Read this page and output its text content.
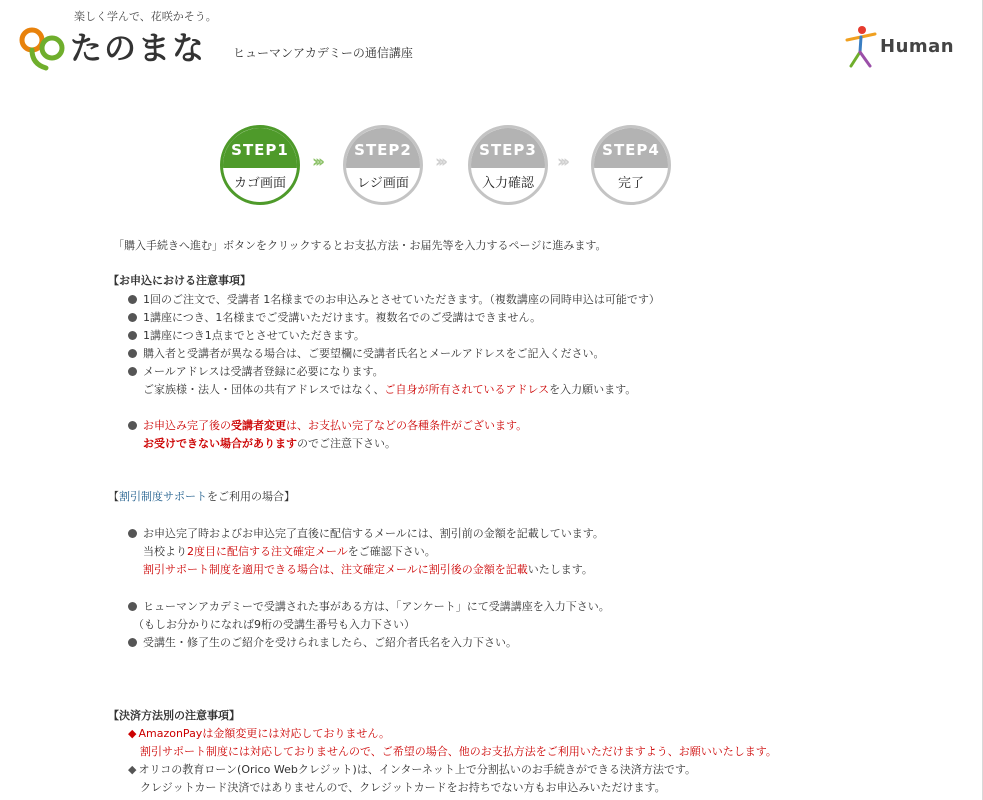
楽しく学んで、花咲かそう。
たのまな ヒューマンアカデミーの通信講座	Human
STEP1
カゴ画面
›››
STEP2
レジ画面
›››
STEP3
入力確認
›››
STEP4
完了
「購入手続きへ進む」ボタンをクリックするとお支払方法・お届先等を入力するページに進みます。
【お申込における注意事項】
1回のご注文で、受講者 1名様までのお申込みとさせていただきます。（複数講座の同時申込は可能です）
1講座につき、1名様までご受講いただけます。複数名でのご受講はできません。
1講座につき1点までとさせていただきます。
購入者と受講者が異なる場合は、ご要望欄に受講者氏名とメールアドレスをご記入ください。
メールアドレスは受講者登録に必要になります。
ご家族様・法人・団体の共有アドレスではなく、ご自身が所有されているアドレスを入力願います。
お申込み完了後の受講者変更は、お支払い完了などの各種条件がございます。
お受けできない場合がありますのでご注意下さい。
【割引制度サポートをご利用の場合】
お申込完了時およびお申込完了直後に配信するメールには、割引前の金額を記載しています。
当校より2度目に配信する注文確定メールをご確認下さい。
割引サポート制度を適用できる場合は、注文確定メールに割引後の金額を記載いたします。
ヒューマンアカデミーで受講された事がある方は、「アンケート」にて受講講座を入力下さい。
（もしお分かりになれば9桁の受講生番号も入力下さい）
受講生・修了生のご紹介を受けられましたら、ご紹介者氏名を入力下さい。
【決済方法別の注意事項】
◆ AmazonPayは金額変更には対応しておりません。
割引サポート制度には対応しておりませんので、ご希望の場合、他のお支払方法をご利用いただけますよう、お願いいたします。
◆ オリコの教育ローン(Orico Webクレジット)は、インターネット上で分割払いのお手続きができる決済方法です。
クレジットカード決済ではありませんので、クレジットカードをお持ちでない方もお申込みいただけます。
